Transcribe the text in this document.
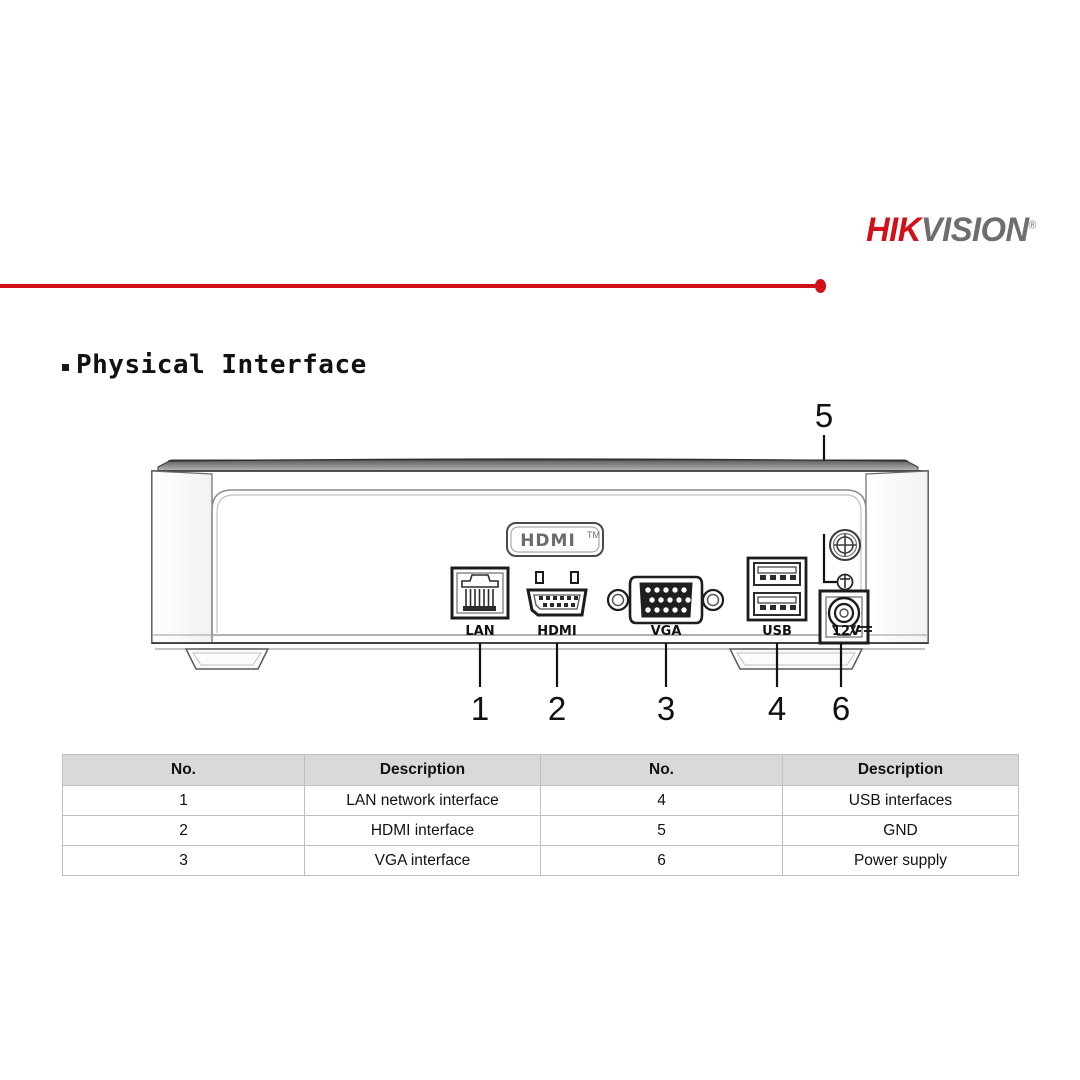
HIKVISION®
Physical Interface
5
HDMI TM
LAN	HDMI	VGA	USB	12V
1 2	3	4 6
No.	Description	No.	Description
1	LAN network interface	4	USB interfaces
2	HDMI interface	5	GND
3	VGA interface	6	Power supply
